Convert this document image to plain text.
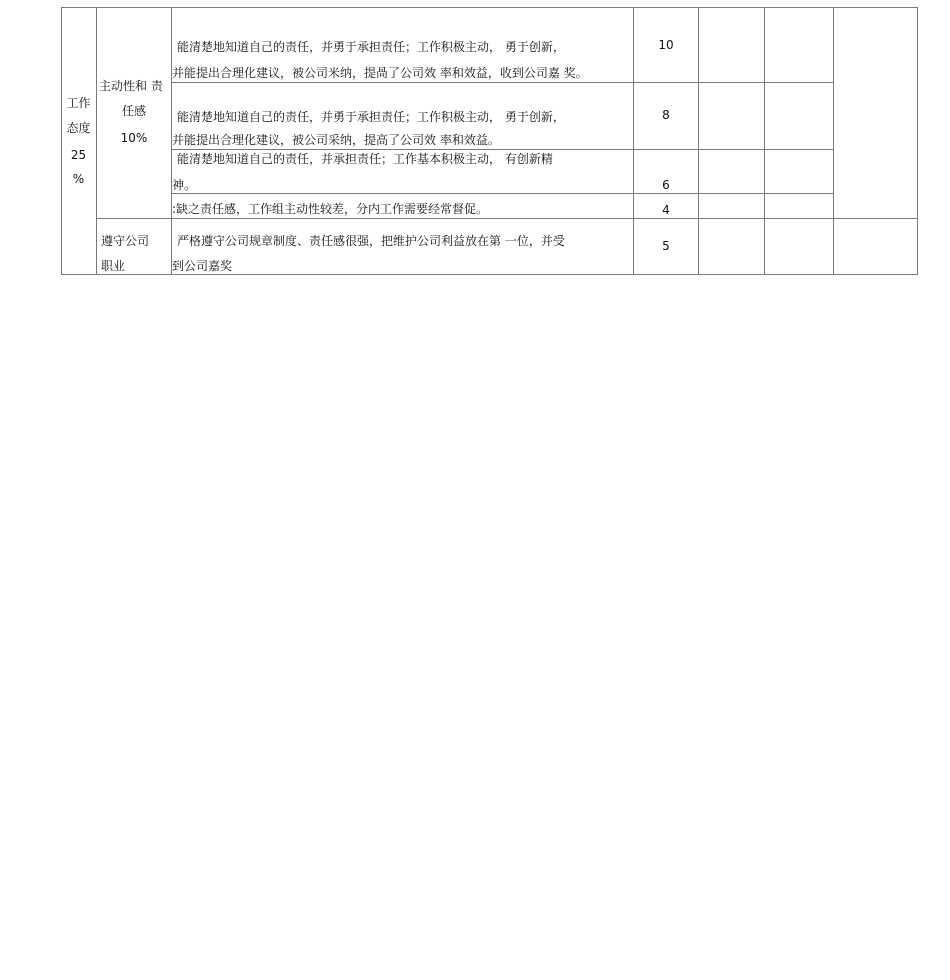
工作
态度
25
%
主动性和 责
任感
10%
遵守公司
职业
能清楚地知道自己的责任，并勇于承担责任；工作积极主动， 勇于创新，
并能提出合理化建议，被公司米纳，提咼了公司效 率和效益，收到公司嘉 奖。
10
能清楚地知道自己的责任，并勇于承担责任；工作积极主动， 勇于创新，
并能提出合理化建议，被公司采纳，提高了公司效 率和效益。
8
能清楚地知道自己的责任，并承担责任；工作基本积极主动， 有创新精
神。	6
:缺之责任感，工作组主动性较差，分内工作需要经常督促。	4
严格遵守公司规章制度、责任感很强，把维护公司利益放在第 一位，并受
到公司嘉奖
5
